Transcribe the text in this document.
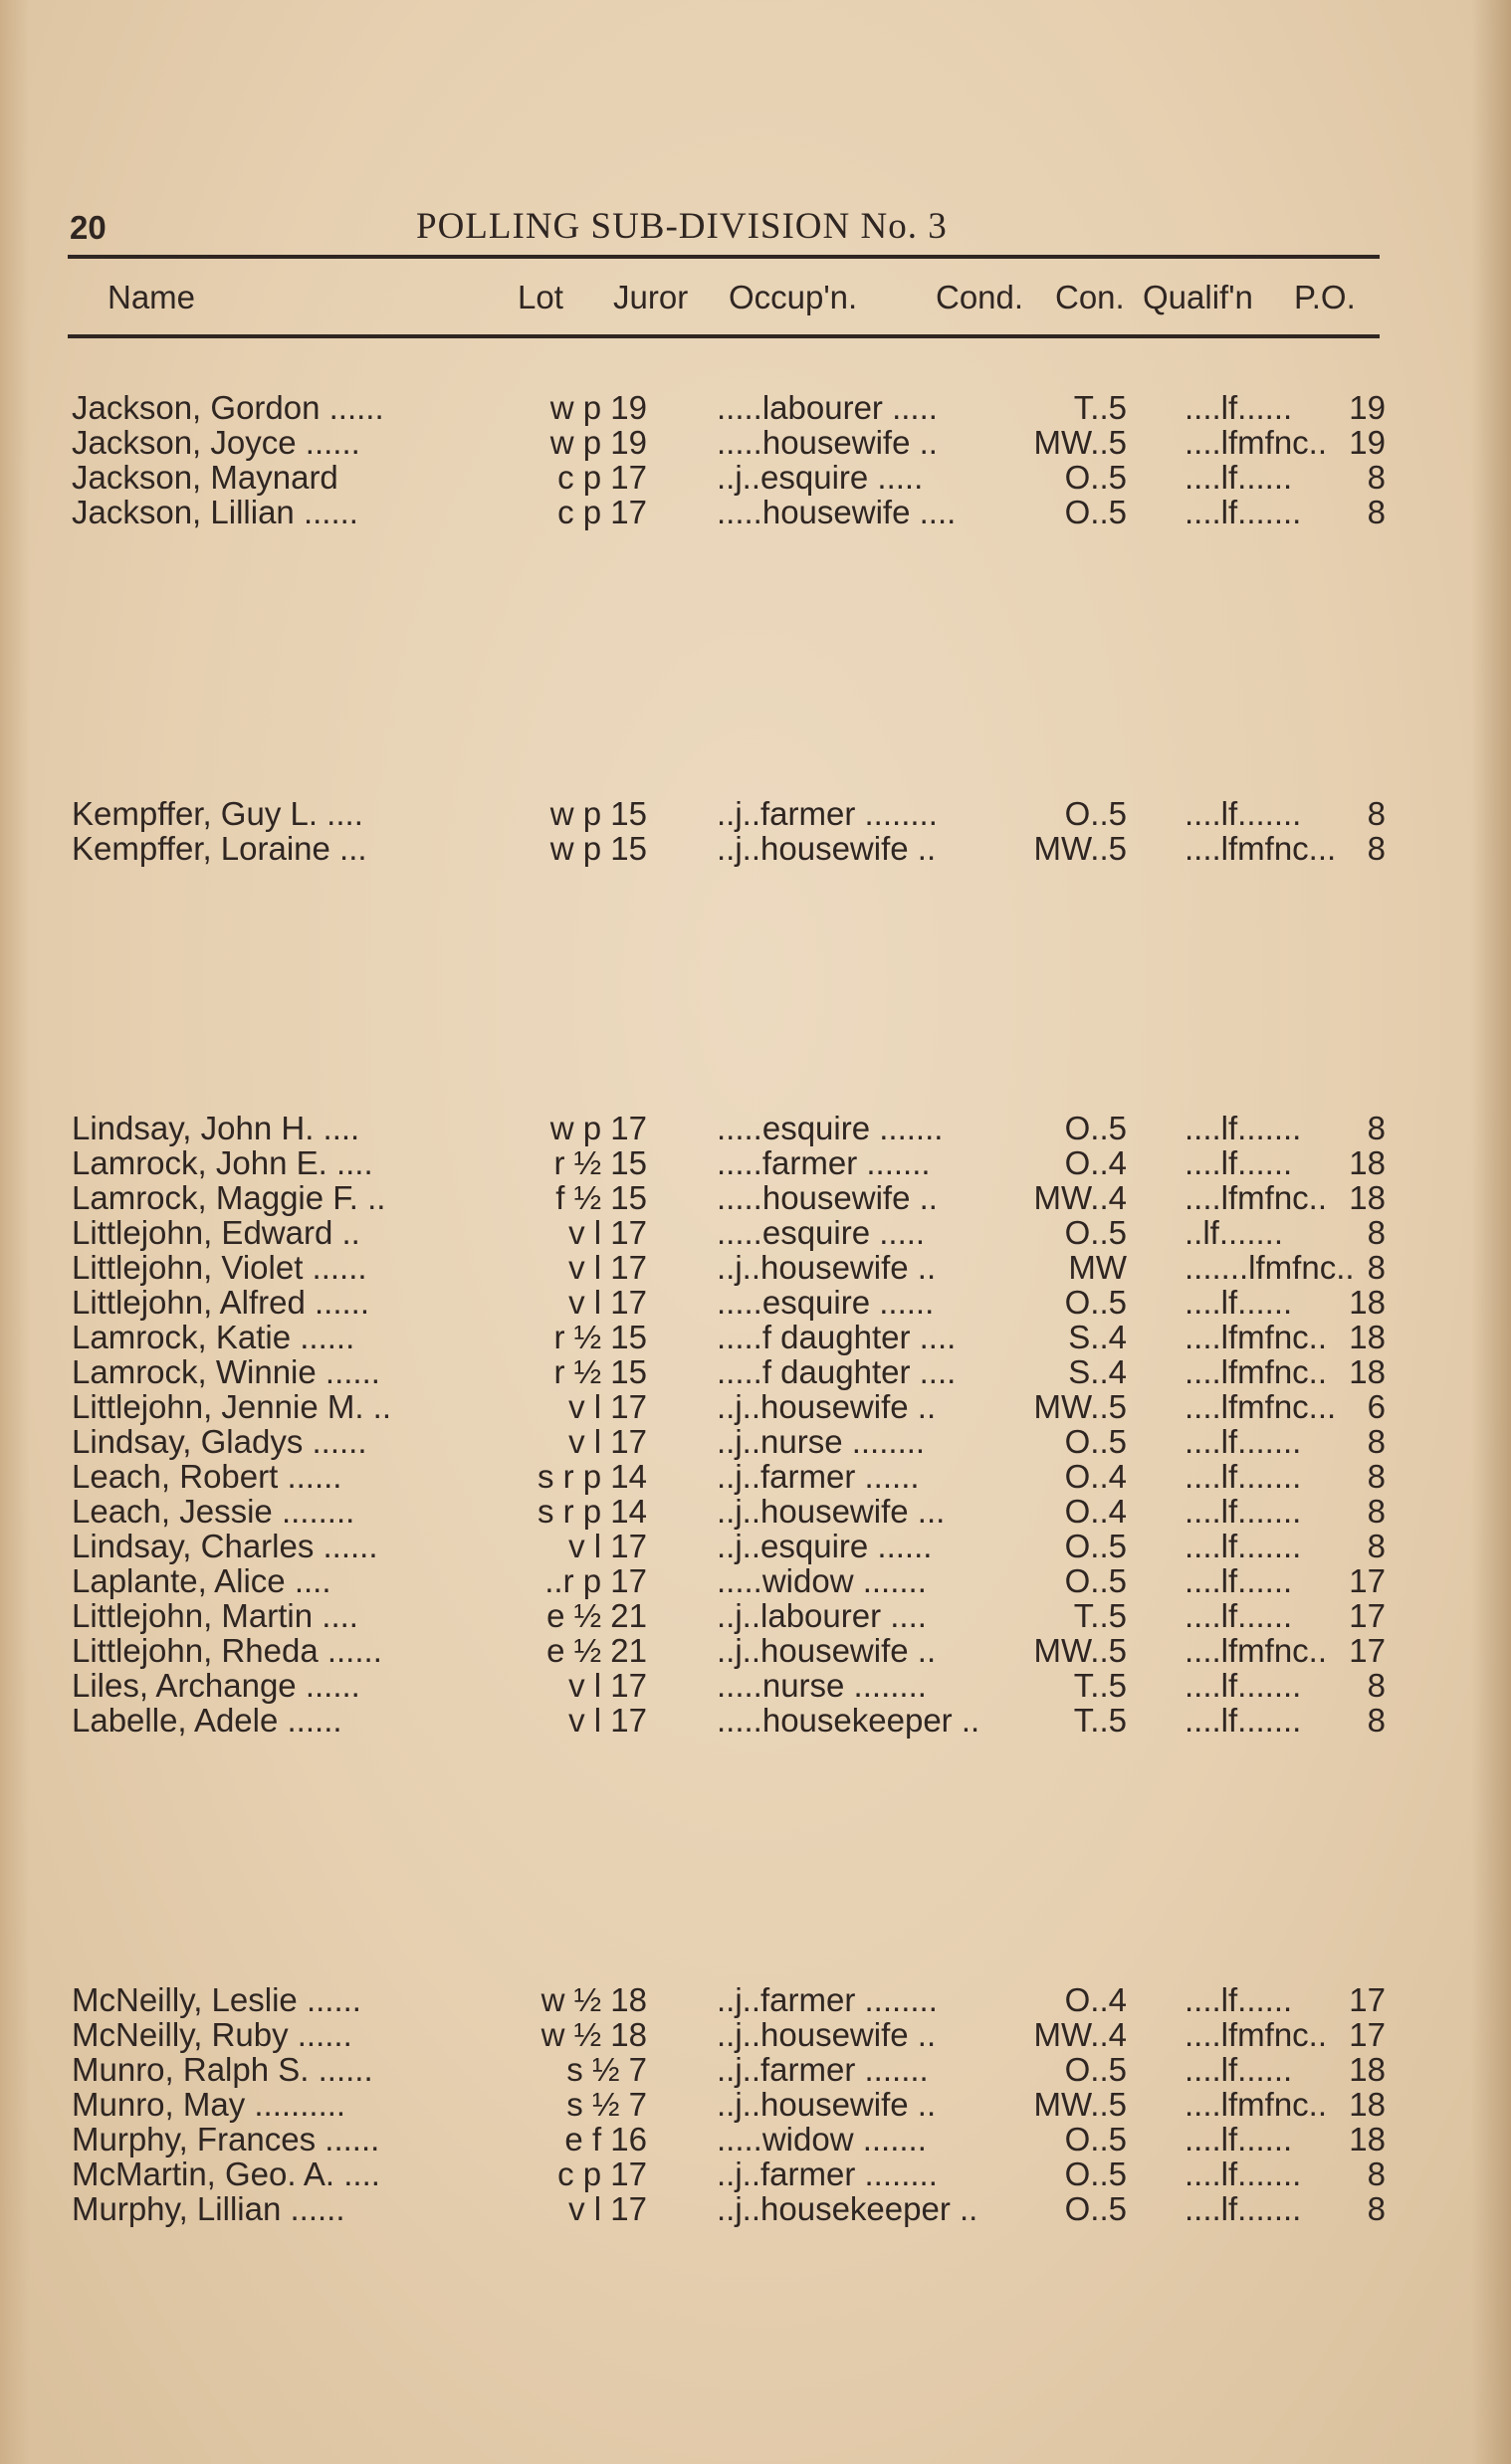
20	POLLING SUB-DIVISION No. 3
Name	Lot Juror Occup'n. Cond. Con. Qualif'n P.O.
Jackson, Gordon ......	w p 19 .....labourer .....	T..5 ....lf......	19
Jackson, Joyce ......	w p 19 .....housewife ..	MW..5 ....lfmfnc.. 19
Jackson, Maynard	c p 17 ..j..esquire .....	O..5 ....lf......	8
Jackson, Lillian ......	c p 17 .....housewife ....	O..5 ....lf.......	8
Kempffer, Guy L. ....	w p 15 ..j..farmer ........	O..5 ....lf.......	8
Kempffer, Loraine ...	w p 15 ..j..housewife ..	MW..5 ....lfmfnc... 8
Lindsay, John H. ....	w p 17 .....esquire .......	O..5 ....lf.......	8
Lamrock, John E. ....	r ½ 15 .....farmer .......	O..4 ....lf......	18
Lamrock, Maggie F. ..	f ½ 15 .....housewife ..	MW..4 ....lfmfnc.. 18
Littlejohn, Edward ..	v l 17 .....esquire .....	O..5 ..lf.......	8
Littlejohn, Violet ......	v l 17 ..j..housewife ..	MW .......lfmfnc.. 8
Littlejohn, Alfred ......	v l 17 .....esquire ......	O..5 ....lf......	18
Lamrock, Katie ......	r ½ 15 .....f daughter ....	S..4 ....lfmfnc.. 18
Lamrock, Winnie ......	r ½ 15 .....f daughter ....	S..4 ....lfmfnc.. 18
Littlejohn, Jennie M. ..	v l 17 ..j..housewife ..	MW..5 ....lfmfnc... 6
Lindsay, Gladys ......	v l 17 ..j..nurse ........	O..5 ....lf.......	8
Leach, Robert ......	s r p 14 ..j..farmer ......	O..4 ....lf.......	8
Leach, Jessie ........	s r p 14 ..j..housewife ...	O..4 ....lf.......	8
Lindsay, Charles ......	v l 17 ..j..esquire ......	O..5 ....lf.......	8
Laplante, Alice ....	..r p 17 .....widow .......	O..5 ....lf......	17
Littlejohn, Martin ....	e ½ 21 ..j..labourer ....	T..5 ....lf......	17
Littlejohn, Rheda ......	e ½ 21 ..j..housewife ..	MW..5 ....lfmfnc.. 17
Liles, Archange ......	v l 17 .....nurse ........	T..5 ....lf.......	8
Labelle, Adele ......	v l 17 .....housekeeper ..	T..5 ....lf.......	8
McNeilly, Leslie ......	w ½ 18 ..j..farmer ........	O..4 ....lf......	17
McNeilly, Ruby ......	w ½ 18 ..j..housewife ..	MW..4 ....lfmfnc.. 17
Munro, Ralph S. ......	s ½ 7 ..j..farmer .......	O..5 ....lf......	18
Munro, May ..........	s ½ 7 ..j..housewife ..	MW..5 ....lfmfnc.. 18
Murphy, Frances ......	e f 16 .....widow .......	O..5 ....lf......	18
McMartin, Geo. A. ....	c p 17 ..j..farmer ........	O..5 ....lf.......	8
Murphy, Lillian ......	v l 17 ..j..housekeeper ..	O..5 ....lf.......	8
